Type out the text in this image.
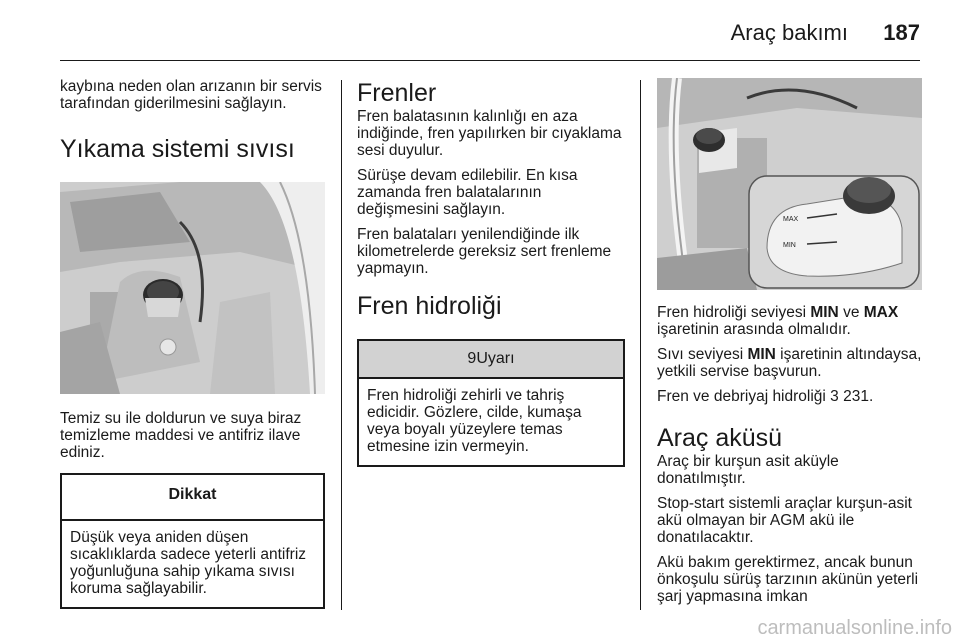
Araç bakımı 187

kaybına neden olan arızanın bir servis tarafından giderilmesini sağlayın.

Yıkama sistemi sıvısı

Temiz su ile doldurun ve suya biraz temizleme maddesi ve antifriz ilave ediniz.

Dikkat
Düşük veya aniden düşen sıcaklıklarda sadece yeterli antifriz yoğunluğuna sahip yıkama sıvısı koruma sağlayabilir.
Frenler

Fren balatasının kalınlığı en aza indiğinde, fren yapılırken bir cıyaklama sesi duyulur.

Sürüşe devam edilebilir. En kısa zamanda fren balatalarının değişmesini sağlayın.

Fren balataları yenilendiğinde ilk kilometrelerde gereksiz sert frenleme yapmayın.

Fren hidroliği
9Uyarı
Fren hidroliği zehirli ve tahriş edicidir. Gözlere, cilde, kumaşa veya boyalı yüzeylere temas etmesine izin vermeyin.
MAX
MIN

Fren hidroliği seviyesi MIN ve MAX işaretinin arasında olmalıdır.

Sıvı seviyesi MIN işaretinin altındaysa, yetkili servise başvurun.

Fren ve debriyaj hidroliği 3 231.

Araç aküsü

Araç bir kurşun asit aküyle donatılmıştır.

Stop-start sistemli araçlar kurşun-asit akü olmayan bir AGM akü ile donatılacaktır.

Akü bakım gerektirmez, ancak bunun önkoşulu sürüş tarzının akünün yeterli şarj yapmasına imkan

carmanualsonline.info
